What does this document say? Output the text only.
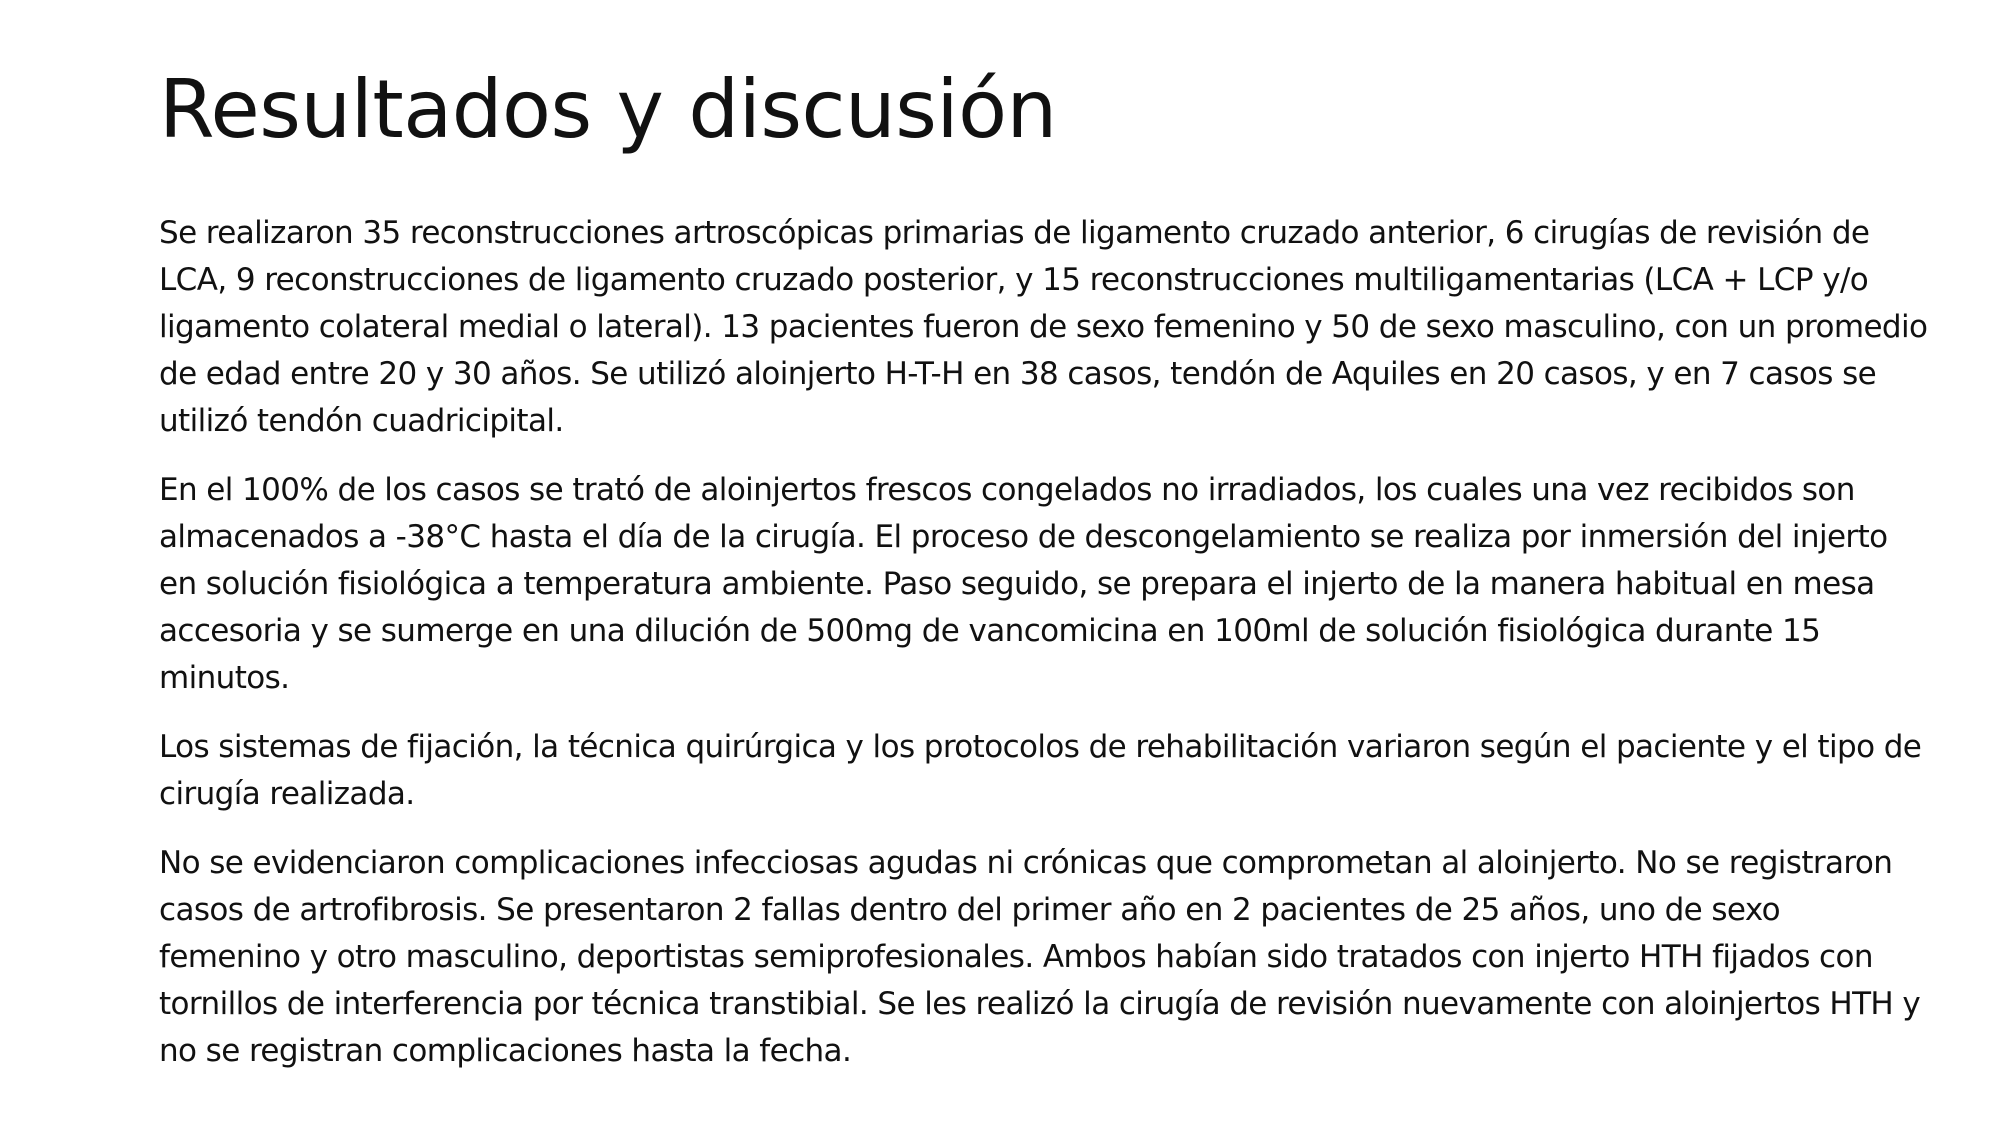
Resultados y discusión

Se realizaron 35 reconstrucciones artroscópicas primarias de ligamento cruzado anterior, 6 cirugías de revisión de LCA, 9 reconstrucciones de ligamento cruzado posterior, y 15 reconstrucciones multiligamentarias (LCA + LCP y/o ligamento colateral medial o lateral). 13 pacientes fueron de sexo femenino y 50 de sexo masculino, con un promedio de edad entre 20 y 30 años. Se utilizó aloinjerto H-T-H en 38 casos, tendón de Aquiles en 20 casos, y en 7 casos se utilizó tendón cuadricipital.

En el 100% de los casos se trató de aloinjertos frescos congelados no irradiados, los cuales una vez recibidos son almacenados a -38°C hasta el día de la cirugía. El proceso de descongelamiento se realiza por inmersión del injerto en solución fisiológica a temperatura ambiente. Paso seguido, se prepara el injerto de la manera habitual en mesa accesoria y se sumerge en una dilución de 500mg de vancomicina en 100ml de solución fisiológica durante 15 minutos.

Los sistemas de fijación, la técnica quirúrgica y los protocolos de rehabilitación variaron según el paciente y el tipo de cirugía realizada.

No se evidenciaron complicaciones infecciosas agudas ni crónicas que comprometan al aloinjerto. No se registraron casos de artrofibrosis. Se presentaron 2 fallas dentro del primer año en 2 pacientes de 25 años, uno de sexo femenino y otro masculino, deportistas semiprofesionales. Ambos habían sido tratados con injerto HTH fijados con tornillos de interferencia por técnica transtibial. Se les realizó la cirugía de revisión nuevamente con aloinjertos HTH y no se registran complicaciones hasta la fecha.
